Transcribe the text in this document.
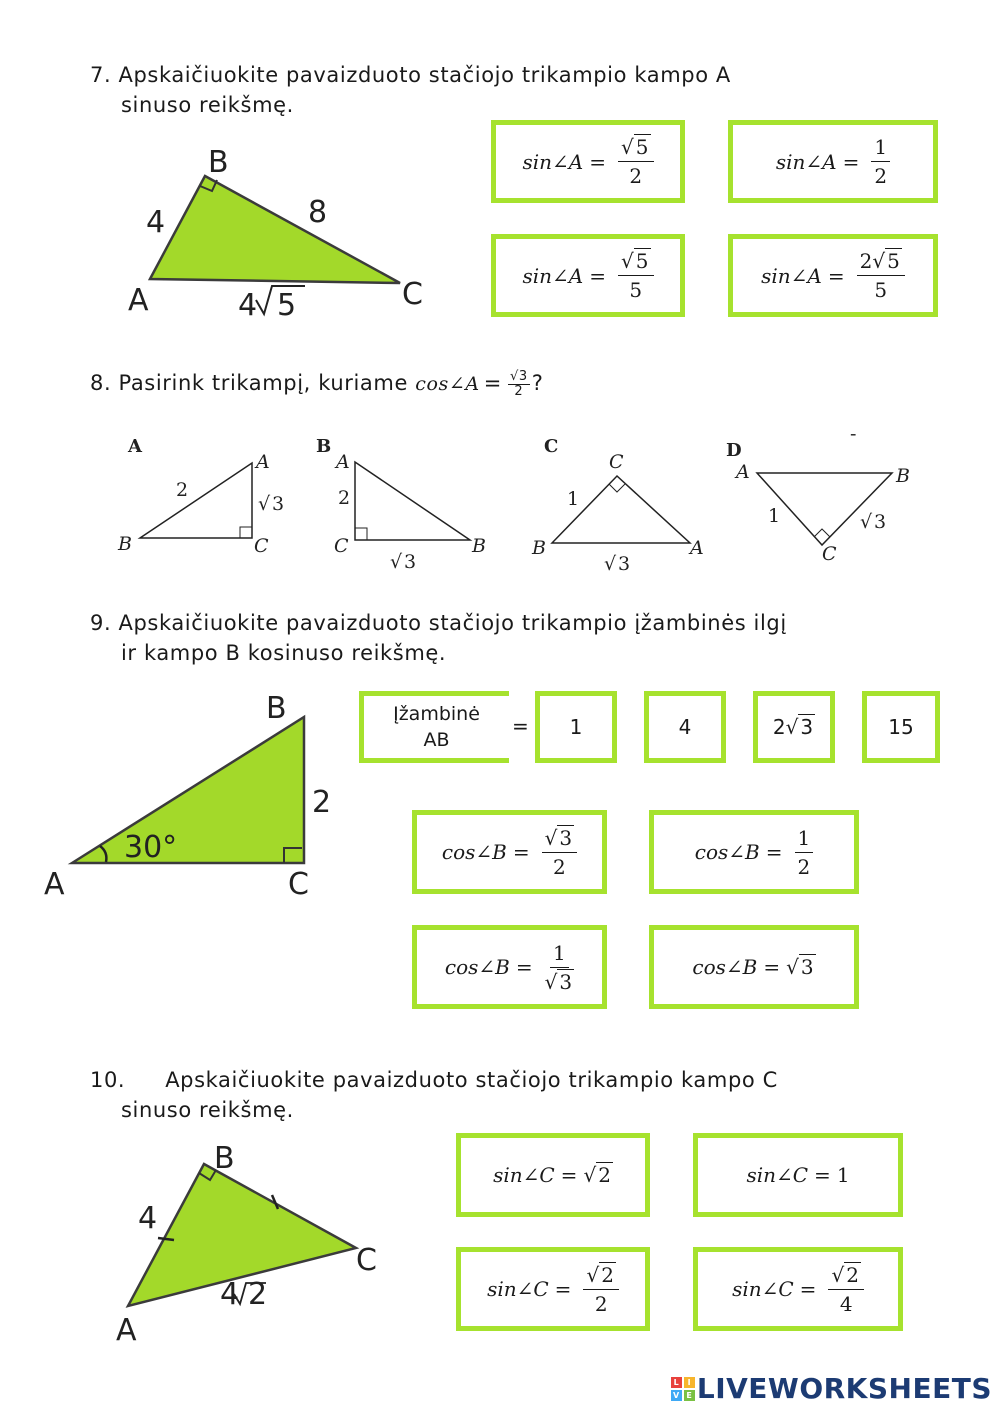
7. Apskaičiuokite pavaizduoto stačiojo trikampio kampo A
sinuso reikšmę.
B
A	C
4	8
4 5
sin∠A = $\frac{√ 5}{2}$	sin∠A = $\frac{1}{2}$
sin∠A = $\frac{√ 5}{5}$	sin∠A = $\frac{2√ 5}{5}$
8. Pasirink trikampį, kuriame cos∠A = $\frac{√3}{2}$ ?
A
2
√ 3
A
B	C
B
2
√ 3
A
C	B
C
1
√ 3
C
B	A
D
-
1	√ 3
A	B
C
9. Apskaičiuokite pavaizduoto stačiojo trikampio įžambinės ilgį
ir kampo B kosinuso reikšmę.
30°
B
A	C
2
Įžambinė
AB
= 1	4	2√ 3	15
cos∠B = $\frac{√ 3}{2}$	cos∠B = $\frac{1}{2}$
cos∠B = $\frac{1}{√ 3}$	cos∠B = √ 3
10. Apskaičiuokite pavaizduoto stačiojo trikampio kampo C
sinuso reikšmę.
B
A
C
4
4 2
sin∠C = √ 2	sin∠C = 1
sin∠C = $\frac{√ 2}{2}$	sin∠C = $\frac{√ 2}{4}$
L	I
V E LIVEWORKSHEETS
